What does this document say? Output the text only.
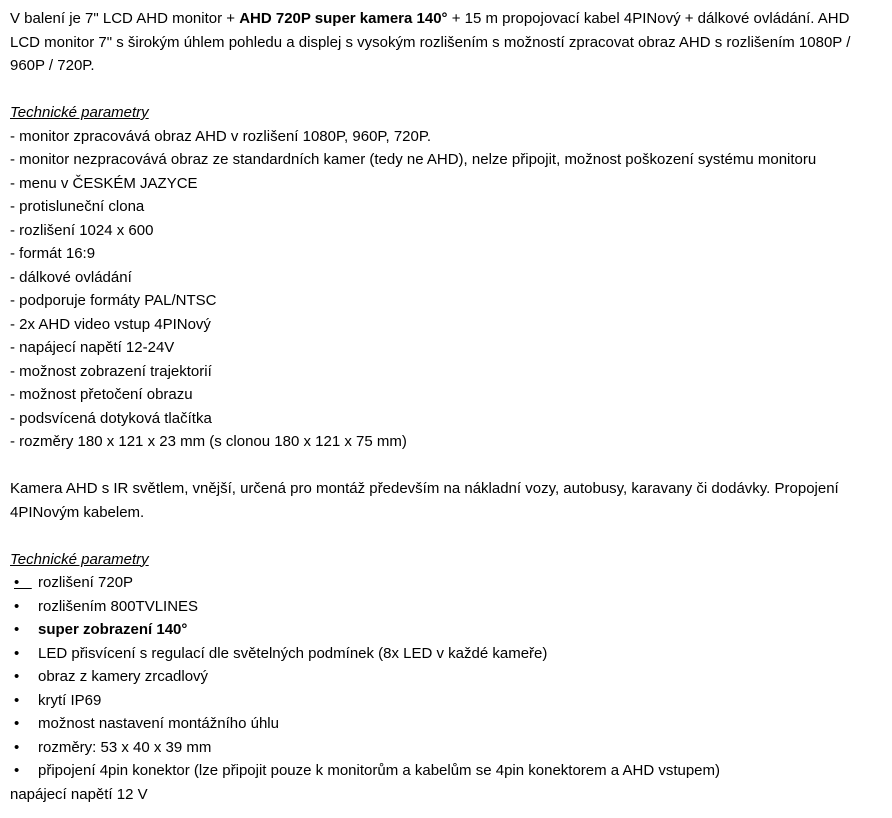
V balení je 7" LCD AHD monitor + AHD 720P super kamera 140° + 15 m propojovací kabel 4PINový + dálkové ovládání. AHD LCD monitor 7" s širokým úhlem pohledu a displej s vysokým rozlišením s možností zpracovat obraz AHD s rozlišením 1080P / 960P / 720P.

Technické parametry

- monitor zpracovává obraz AHD v rozlišení 1080P, 960P, 720P.
- monitor nezpracovává obraz ze standardních kamer (tedy ne AHD), nelze připojit, možnost poškození systému monitoru
- menu v ČESKÉM JAZYCE
- protisluneční clona
- rozlišení 1024 x 600
- formát 16:9
- dálkové ovládání
- podporuje formáty PAL/NTSC
- 2x AHD video vstup 4PINový
- napájecí napětí 12-24V
- možnost zobrazení trajektorií
- možnost přetočení obrazu
- podsvícená dotyková tlačítka
- rozměry 180 x 121 x 23 mm (s clonou 180 x 121 x 75 mm)

Kamera AHD s IR světlem, vnější, určená pro montáž především na nákladní vozy, autobusy, karavany či dodávky. Propojení 4PINovým kabelem.

Technické parametry

• rozlišení 720P
•	rozlišením 800TVLINES
•	super zobrazení 140°
•	LED přisvícení s regulací dle světelných podmínek (8x LED v každé kameře)
•	obraz z kamery zrcadlový
•	krytí IP69
•	možnost nastavení montážního úhlu
•	rozměry: 53 x 40 x 39 mm
•	připojení 4pin konektor (lze připojit pouze k monitorům a kabelům se 4pin konektorem a AHD vstupem)

napájecí napětí 12 V
